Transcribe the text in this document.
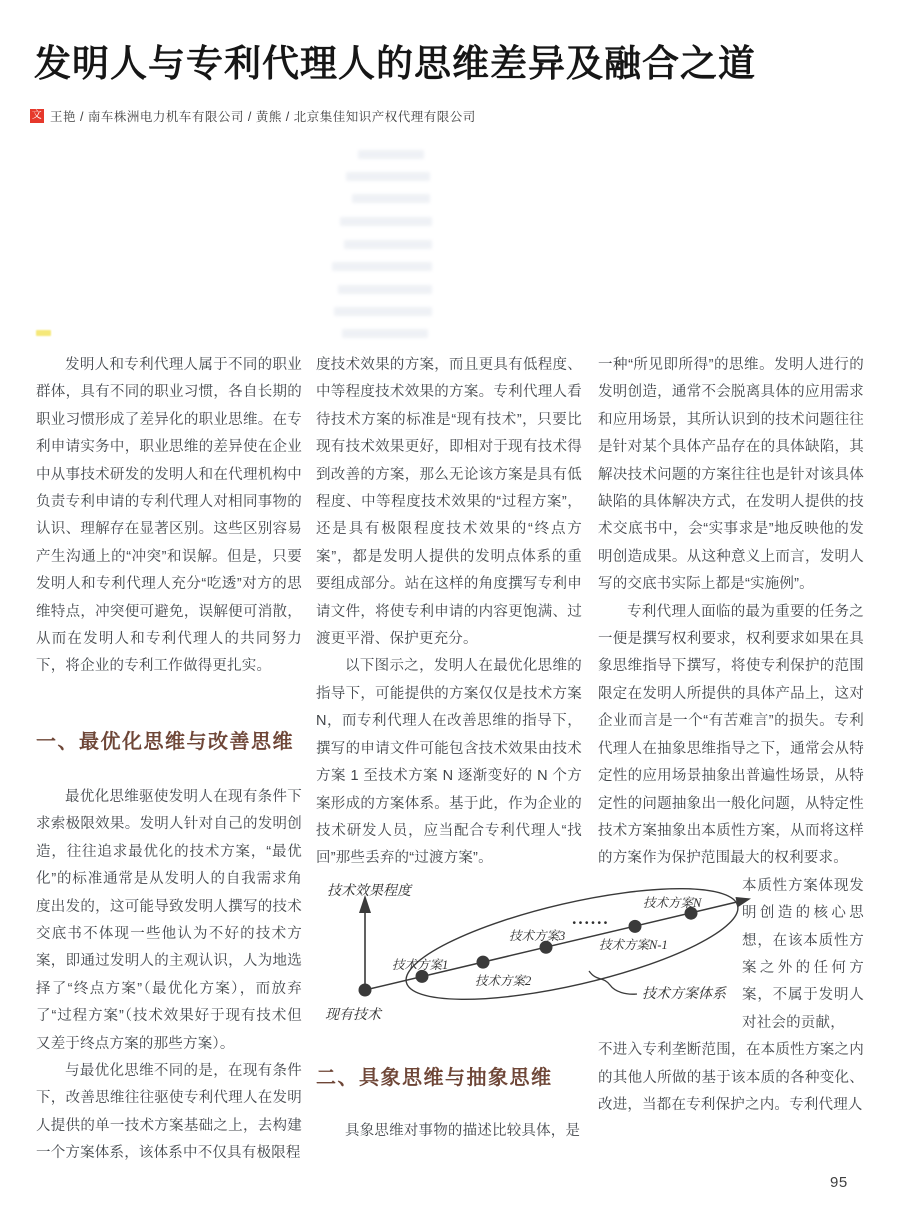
发明人与专利代理人的思维差异及融合之道
文 王艳 / 南车株洲电力机车有限公司 / 黄熊 / 北京集佳知识产权代理有限公司

发明人和专利代理人属于不同的职业群体，具有不同的职业习惯，各自长期的职业习惯形成了差异化的职业思维。在专利申请实务中，职业思维的差异使在企业中从事技术研发的发明人和在代理机构中负责专利申请的专利代理人对相同事物的认识、理解存在显著区别。这些区别容易产生沟通上的“冲突”和误解。但是，只要发明人和专利代理人充分“吃透”对方的思维特点，冲突便可避免，误解便可消散，从而在发明人和专利代理人的共同努力下，将企业的专利工作做得更扎实。

一、最优化思维与改善思维

最优化思维驱使发明人在现有条件下求索极限效果。发明人针对自己的发明创造，往往追求最优化的技术方案，“最优化”的标准通常是从发明人的自我需求角度出发的，这可能导致发明人撰写的技术交底书不体现一些他认为不好的技术方案，即通过发明人的主观认识，人为地选择了“终点方案”（最优化方案），而放弃了“过程方案”（技术效果好于现有技术但又差于终点方案的那些方案）。

与最优化思维不同的是，在现有条件下，改善思维往往驱使专利代理人在发明人提供的单一技术方案基础之上，去构建一个方案体系，该体系中不仅具有极限程

度技术效果的方案，而且更具有低程度、中等程度技术效果的方案。专利代理人看待技术方案的标准是“现有技术”，只要比现有技术效果更好，即相对于现有技术得到改善的方案，那么无论该方案是具有低程度、中等程度技术效果的“过程方案”，还是具有极限程度技术效果的“终点方案”，都是发明人提供的发明点体系的重要组成部分。站在这样的角度撰写专利申请文件，将使专利申请的内容更饱满、过渡更平滑、保护更充分。

以下图示之，发明人在最优化思维的指导下，可能提供的方案仅仅是技术方案 N，而专利代理人在改善思维的指导下，撰写的申请文件可能包含技术效果由技术方案 1 至技术方案 N 逐渐变好的 N 个方案形成的方案体系。基于此，作为企业的技术研发人员，应当配合专利代理人“找回”那些丢弃的“过渡方案”。

二、具象思维与抽象思维

具象思维对事物的描述比较具体，是

一种“所见即所得”的思维。发明人进行的发明创造，通常不会脱离具体的应用需求和应用场景，其所认识到的技术问题往往是针对某个具体产品存在的具体缺陷，其解决技术问题的方案往往也是针对该具体缺陷的具体解决方式，在发明人提供的技术交底书中，会“实事求是”地反映他的发明创造成果。从这种意义上而言，发明人写的交底书实际上都是“实施例”。

专利代理人面临的最为重要的任务之一便是撰写权利要求，权利要求如果在具象思维指导下撰写，将使专利保护的范围限定在发明人所提供的具体产品上，这对企业而言是一个“有苦难言”的损失。专利代理人在抽象思维指导之下，通常会从特定性的应用场景抽象出普遍性场景，从特定性的问题抽象出一般化问题，从特定性技术方案抽象出本质性方案，从而将这样的方案作为保护范围最大的权利要求。

本质性方案体现发明创造的核心思想，在该本质性方案之外的任何方案，不属于发明人对社会的贡献，

不进入专利垄断范围，在本质性方案之内的其他人所做的基于该本质的各种变化、改进，当都在专利保护之内。专利代理人

技术效果程度
现有技术
技术方案1
技术方案2
技术方案3
······
技术方案N-1
技术方案N
技术方案体系
95
